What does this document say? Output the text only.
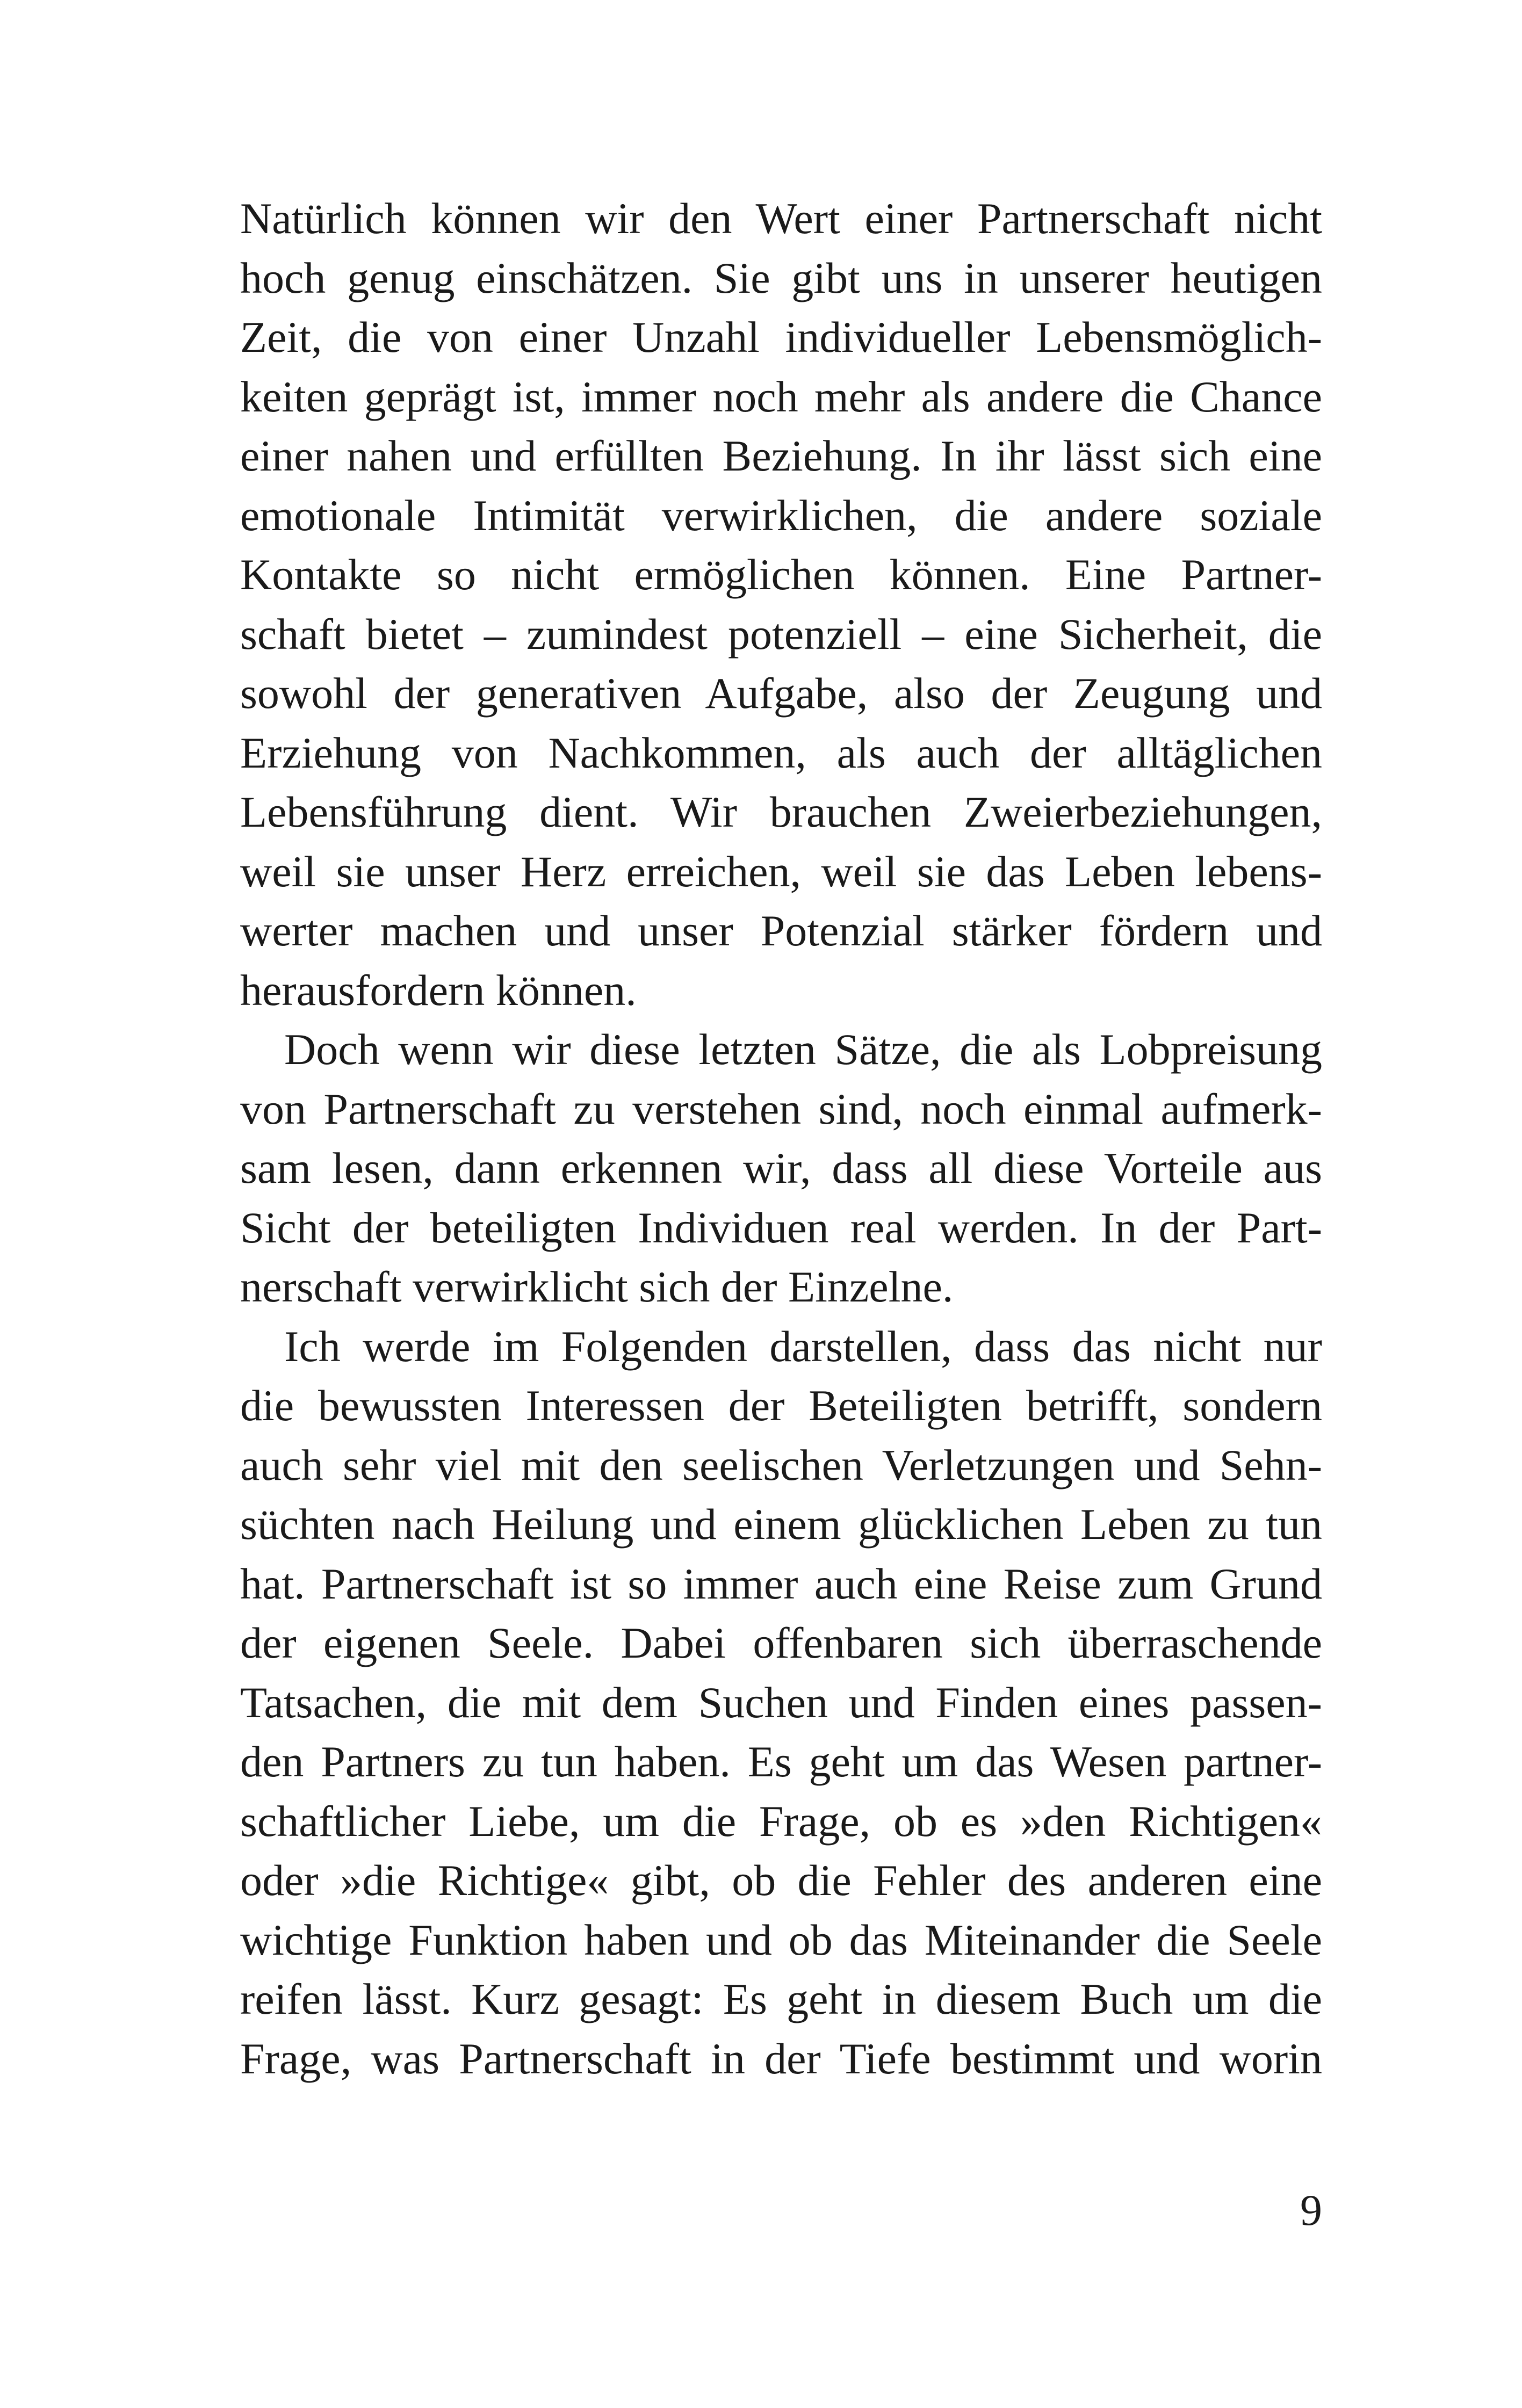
Natürlich können wir den Wert einer Partnerschaft nicht
hoch genug einschätzen. Sie gibt uns in unserer heutigen
Zeit, die von einer Unzahl individueller Lebensmöglich-
keiten geprägt ist, immer noch mehr als andere die Chance
einer nahen und erfüllten Beziehung. In ihr lässt sich eine
emotionale Intimität verwirklichen, die andere soziale
Kontakte so nicht ermöglichen können. Eine Partner-
schaft bietet – zumindest potenziell – eine Sicherheit, die
sowohl der generativen Aufgabe, also der Zeugung und
Erziehung von Nachkommen, als auch der alltäglichen
Lebensführung dient. Wir brauchen Zweierbeziehungen,
weil sie unser Herz erreichen, weil sie das Leben lebens-
werter machen und unser Potenzial stärker fördern und
herausfordern können.
Doch wenn wir diese letzten Sätze, die als Lobpreisung
von Partnerschaft zu verstehen sind, noch einmal aufmerk-
sam lesen, dann erkennen wir, dass all diese Vorteile aus
Sicht der beteiligten Individuen real werden. In der Part-
nerschaft verwirklicht sich der Einzelne.
Ich werde im Folgenden darstellen, dass das nicht nur
die bewussten Interessen der Beteiligten betrifft, sondern
auch sehr viel mit den seelischen Verletzungen und Sehn-
süchten nach Heilung und einem glücklichen Leben zu tun
hat. Partnerschaft ist so immer auch eine Reise zum Grund
der eigenen Seele. Dabei offenbaren sich überraschende
Tatsachen, die mit dem Suchen und Finden eines passen-
den Partners zu tun haben. Es geht um das Wesen partner-
schaftlicher Liebe, um die Frage, ob es »den Richtigen«
oder »die Richtige« gibt, ob die Fehler des anderen eine
wichtige Funktion haben und ob das Miteinander die Seele
reifen lässt. Kurz gesagt: Es geht in diesem Buch um die
Frage, was Partnerschaft in der Tiefe bestimmt und worin
9
